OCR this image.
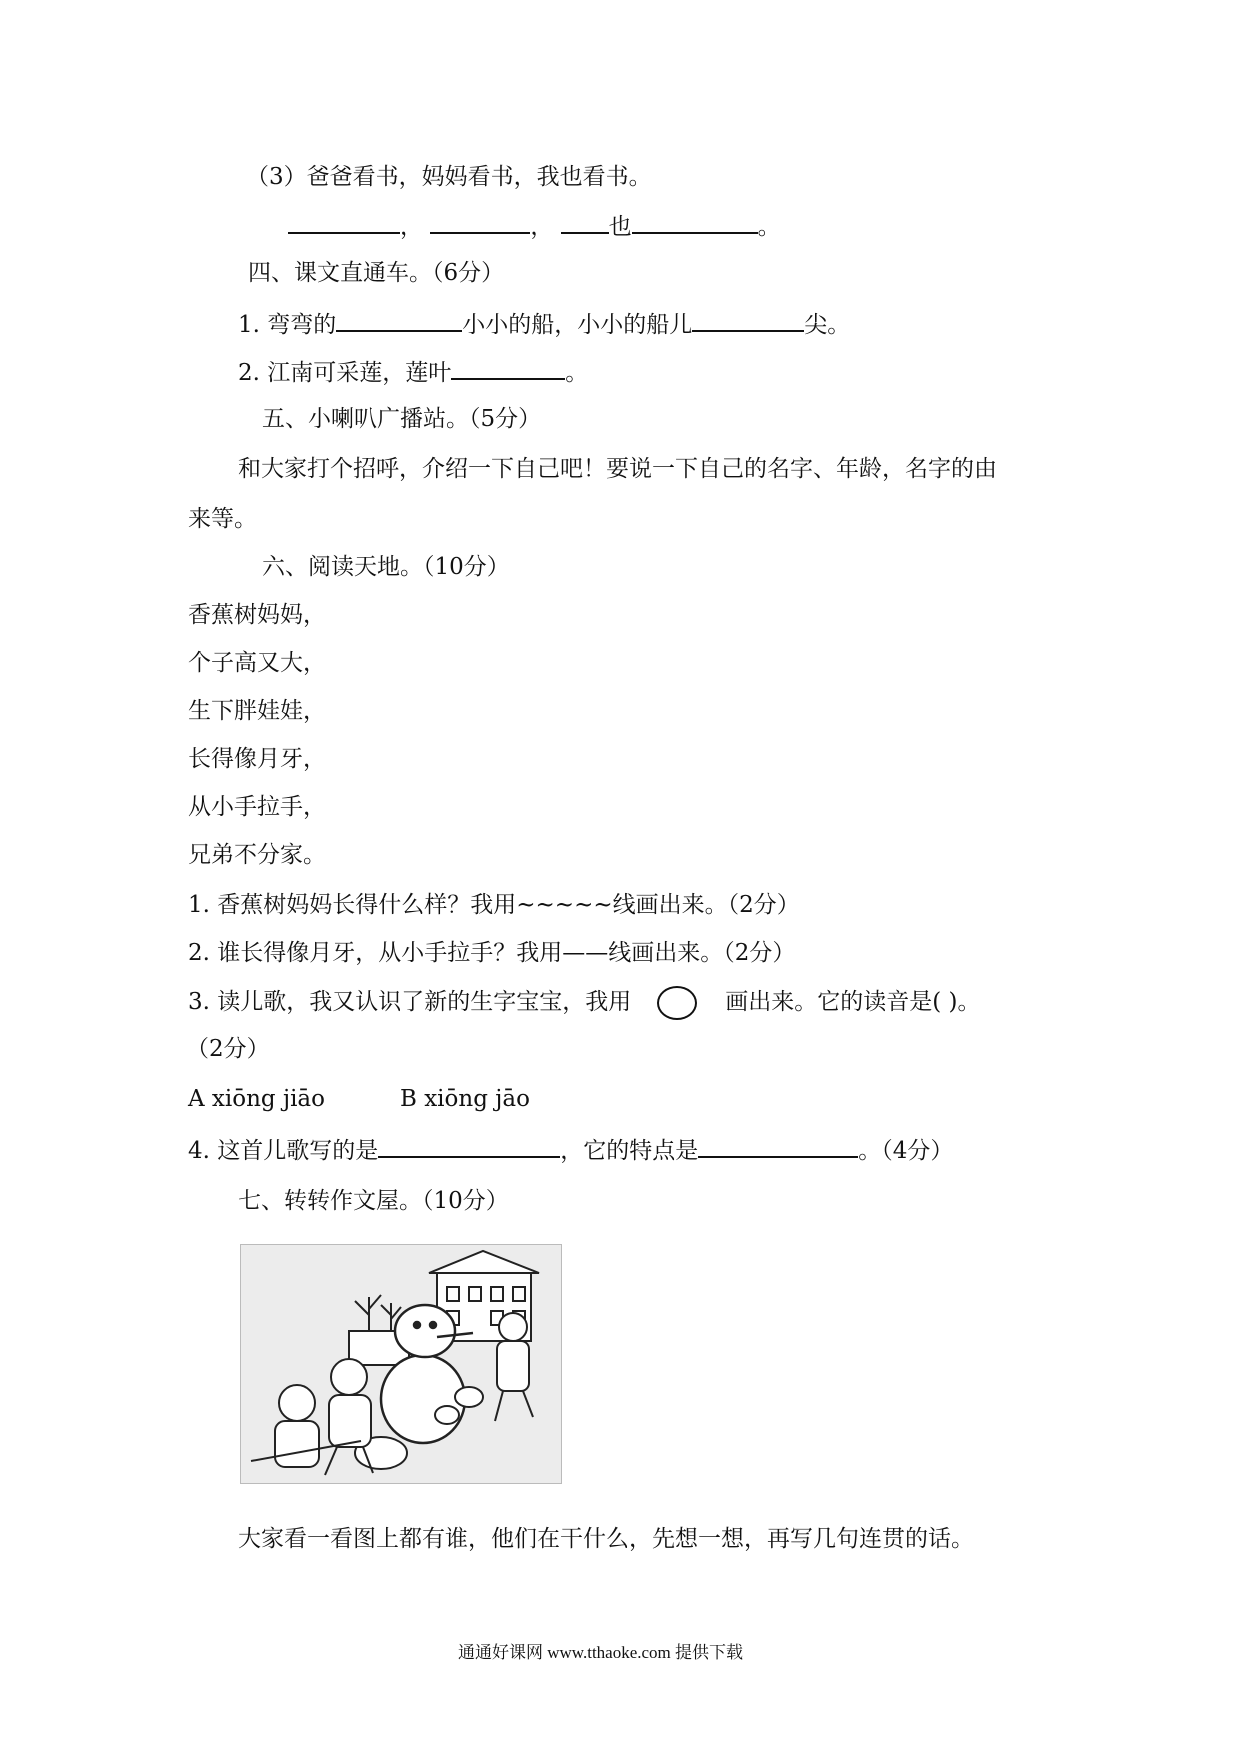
（3）爸爸看书，妈妈看书，我也看书。
，	， 也	。
四、课文直通车。（6分）
1. 弯弯的	小小的船，小小的船儿	尖。
2. 江南可采莲，莲叶	。
五、小喇叭广播站。（5分）
和大家打个招呼，介绍一下自己吧！要说一下自己的名字、年龄，名字的由
来等。
六、阅读天地。（10分）
香蕉树妈妈，
个子高又大，
生下胖娃娃，
长得像月牙，
从小手拉手，
兄弟不分家。
1. 香蕉树妈妈长得什么样？我用~~~~~线画出来。（2分）
2. 谁长得像月牙，从小手拉手？我用——线画出来。（2分）
3. 读儿歌，我又认识了新的生字宝宝，我用	画出来。它的读音是( )。
（2分）
A xiōng jiāo	B xiōng jāo
4. 这首儿歌写的是	，它的特点是	。（4分）
七、转转作文屋。（10分）
大家看一看图上都有谁，他们在干什么，先想一想，再写几句连贯的话。
通通好课网 www.tthaoke.com 提供下载
